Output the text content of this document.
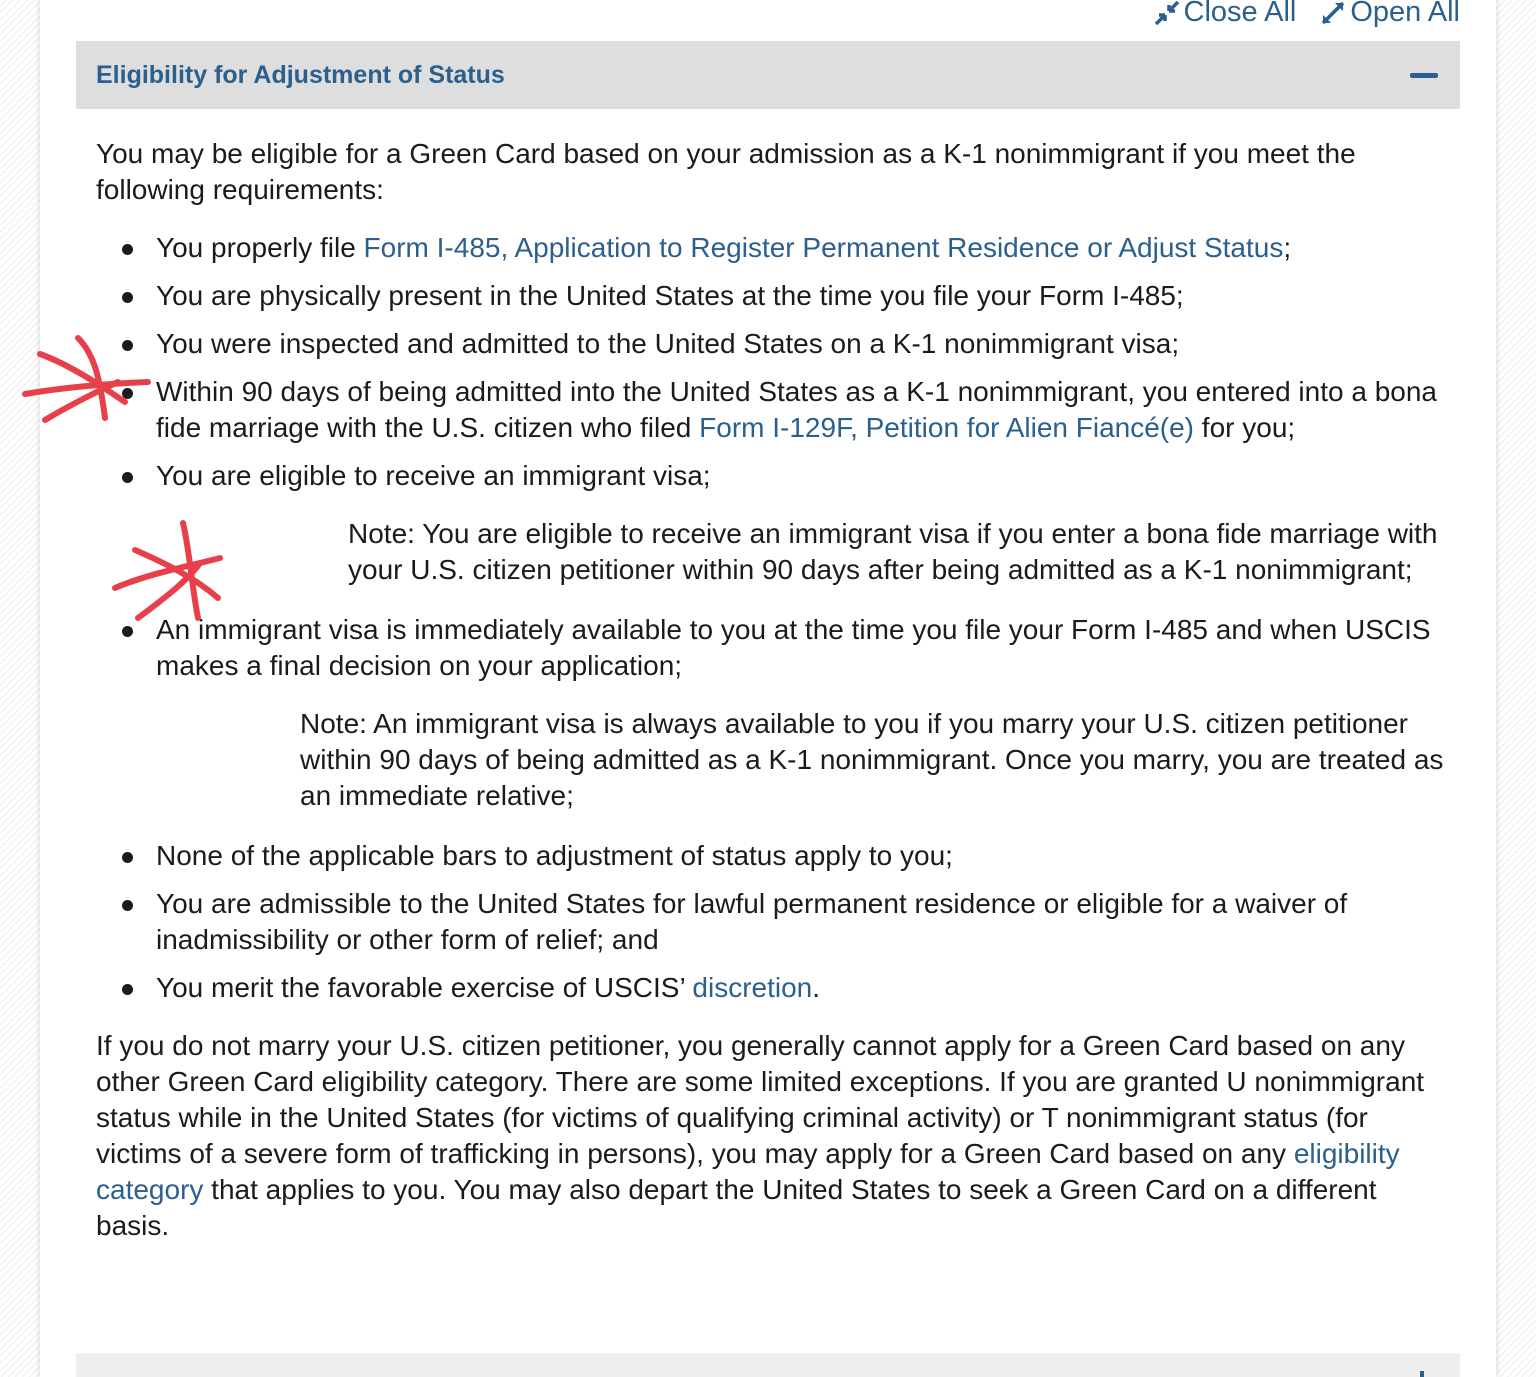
Close All Open All
Eligibility for Adjustment of Status

You may be eligible for a Green Card based on your admission as a K-1 nonimmigrant if you meet the following requirements:

You properly file Form I-485, Application to Register Permanent Residence or Adjust Status;
You are physically present in the United States at the time you file your Form I-485;
You were inspected and admitted to the United States on a K-1 nonimmigrant visa;
Within 90 days of being admitted into the United States as a K-1 nonimmigrant, you entered into a bona fide marriage with the U.S. citizen who filed Form I-129F, Petition for Alien Fiancé(e) for you;
You are eligible to receive an immigrant visa;
Note: You are eligible to receive an immigrant visa if you enter a bona fide marriage with your U.S. citizen petitioner within 90 days after being admitted as a K-1 nonimmigrant;
An immigrant visa is immediately available to you at the time you file your Form I-485 and when USCIS makes a final decision on your application;
Note: An immigrant visa is always available to you if you marry your U.S. citizen petitioner within 90 days of being admitted as a K-1 nonimmigrant. Once you marry, you are treated as an immediate relative;
None of the applicable bars to adjustment of status apply to you;
You are admissible to the United States for lawful permanent residence or eligible for a waiver of inadmissibility or other form of relief; and
You merit the favorable exercise of USCIS’ discretion.

If you do not marry your U.S. citizen petitioner, you generally cannot apply for a Green Card based on any other Green Card eligibility category. There are some limited exceptions. If you are granted U nonimmigrant status while in the United States (for victims of qualifying criminal activity) or T nonimmigrant status (for victims of a severe form of trafficking in persons), you may apply for a Green Card based on any eligibility category that applies to you. You may also depart the United States to seek a Green Card on a different basis.
